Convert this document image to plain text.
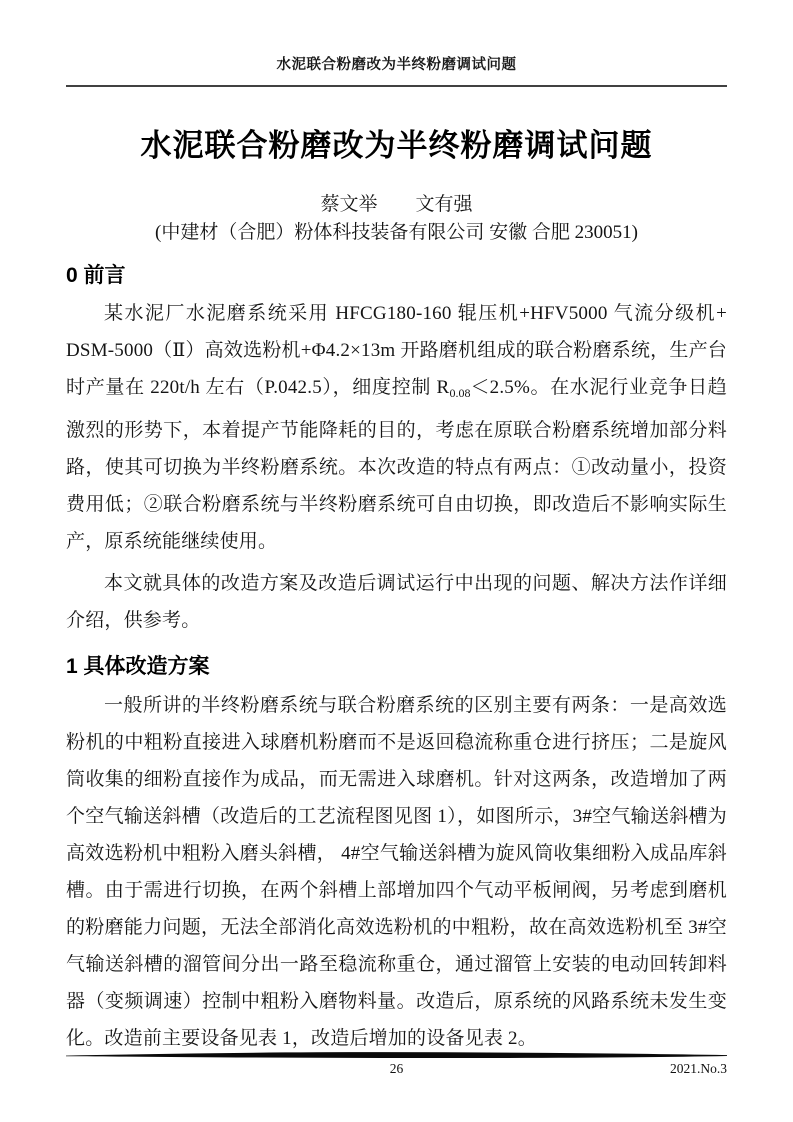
水泥联合粉磨改为半终粉磨调试问题
水泥联合粉磨改为半终粉磨调试问题
蔡文举　　文有强
(中建材（合肥）粉体科技装备有限公司 安徽 合肥 230051)
0 前言

某水泥厂水泥磨系统采用 HFCG180-160 辊压机+HFV5000 气流分级机+ DSM-5000（Ⅱ）高效选粉机+Φ4.2×13m 开路磨机组成的联合粉磨系统，生产台时产量在 220t/h 左右（P.042.5），细度控制 $R_{0.08}<2.5\%$。在水泥行业竞争日趋激烈的形势下，本着提产节能降耗的目的，考虑在原联合粉磨系统增加部分料路，使其可切换为半终粉磨系统。本次改造的特点有两点：①改动量小，投资费用低；②联合粉磨系统与半终粉磨系统可自由切换，即改造后不影响实际生产，原系统能继续使用。

本文就具体的改造方案及改造后调试运行中出现的问题、解决方法作详细介绍，供参考。

1 具体改造方案

一般所讲的半终粉磨系统与联合粉磨系统的区别主要有两条：一是高效选粉机的中粗粉直接进入球磨机粉磨而不是返回稳流称重仓进行挤压；二是旋风筒收集的细粉直接作为成品，而无需进入球磨机。针对这两条，改造增加了两个空气输送斜槽（改造后的工艺流程图见图 1），如图所示，3#空气输送斜槽为高效选粉机中粗粉入磨头斜槽， 4#空气输送斜槽为旋风筒收集细粉入成品库斜槽。由于需进行切换，在两个斜槽上部增加四个气动平板闸阀，另考虑到磨机的粉磨能力问题，无法全部消化高效选粉机的中粗粉，故在高效选粉机至 3#空气输送斜槽的溜管间分出一路至稳流称重仓，通过溜管上安装的电动回转卸料器（变频调速）控制中粗粉入磨物料量。改造后，原系统的风路系统未发生变化。改造前主要设备见表 1，改造后增加的设备见表 2。

26	2021.No.3
